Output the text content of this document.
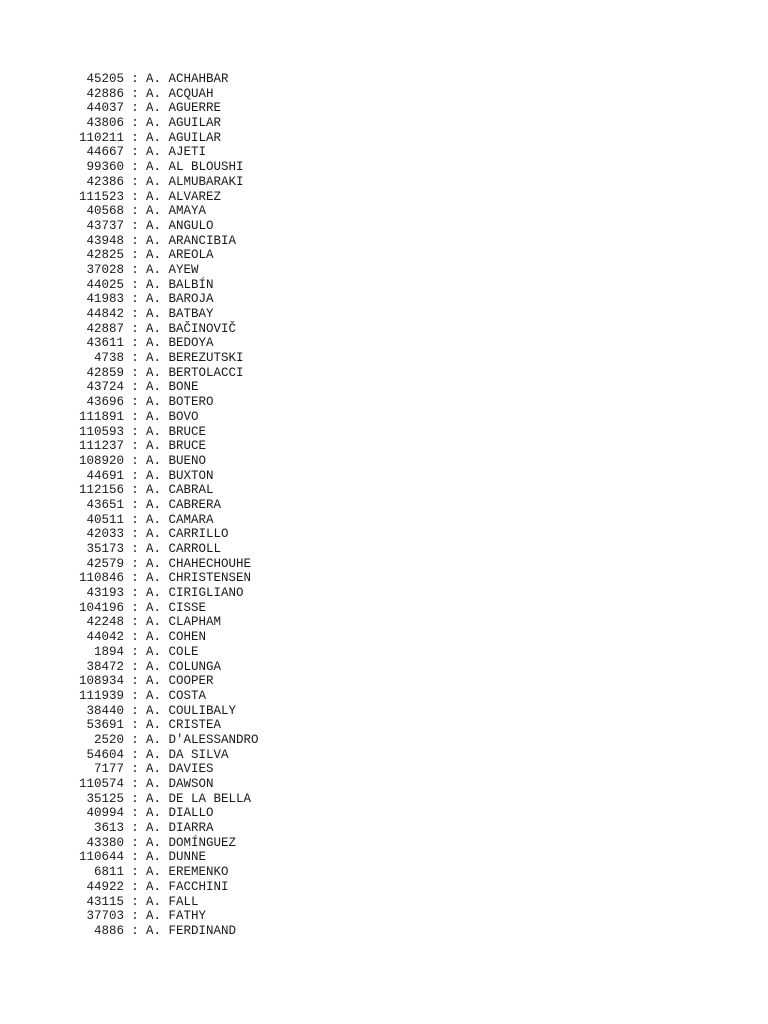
45205 : A. ACHAHBAR
42886 : A. ACQUAH
44037 : A. AGUERRE
43806 : A. AGUILAR
110211 : A. AGUILAR
44667 : A. AJETI
99360 : A. AL BLOUSHI
42386 : A. ALMUBARAKI
111523 : A. ALVAREZ
40568 : A. AMAYA
43737 : A. ANGULO
43948 : A. ARANCIBIA
42825 : A. AREOLA
37028 : A. AYEW
44025 : A. BALBÍN
41983 : A. BAROJA
44842 : A. BATBAY
42887 : A. BAČINOVIČ
43611 : A. BEDOYA
4738 : A. BEREZUTSKI
42859 : A. BERTOLACCI
43724 : A. BONE
43696 : A. BOTERO
111891 : A. BOVO
110593 : A. BRUCE
111237 : A. BRUCE
108920 : A. BUENO
44691 : A. BUXTON
112156 : A. CABRAL
43651 : A. CABRERA
40511 : A. CAMARA
42033 : A. CARRILLO
35173 : A. CARROLL
42579 : A. CHAHECHOUHE
110846 : A. CHRISTENSEN
43193 : A. CIRIGLIANO
104196 : A. CISSE
42248 : A. CLAPHAM
44042 : A. COHEN
1894 : A. COLE
38472 : A. COLUNGA
108934 : A. COOPER
111939 : A. COSTA
38440 : A. COULIBALY
53691 : A. CRISTEA
2520 : A. D'ALESSANDRO
54604 : A. DA SILVA
7177 : A. DAVIES
110574 : A. DAWSON
35125 : A. DE LA BELLA
40994 : A. DIALLO
3613 : A. DIARRA
43380 : A. DOMÍNGUEZ
110644 : A. DUNNE
6811 : A. EREMENKO
44922 : A. FACCHINI
43115 : A. FALL
37703 : A. FATHY
4886 : A. FERDINAND
